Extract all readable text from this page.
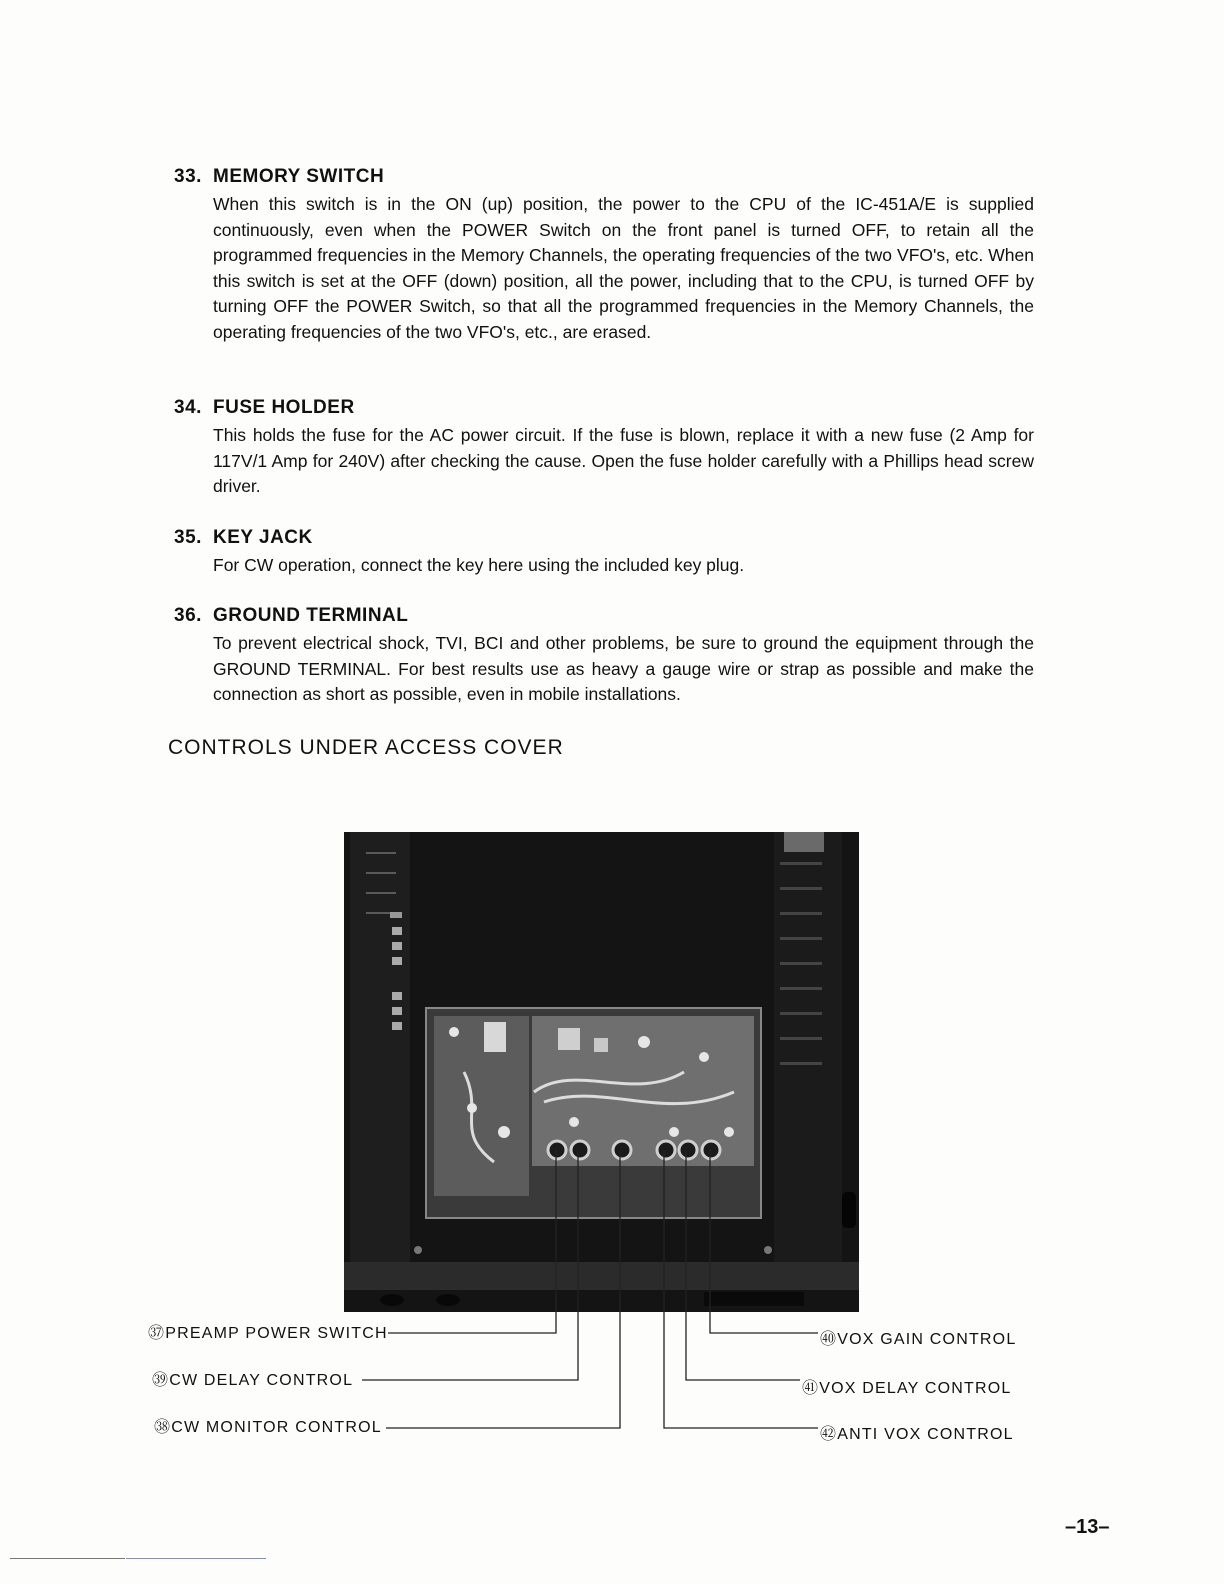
33. MEMORY SWITCH
When this switch is in the ON (up) position, the power to the CPU of the IC-451A/E is supplied continuously, even when the POWER Switch on the front panel is turned OFF, to retain all the programmed frequencies in the Memory Channels, the operating frequencies of the two VFO's, etc. When this switch is set at the OFF (down) position, all the power, including that to the CPU, is turned OFF by turning OFF the POWER Switch, so that all the programmed frequencies in the Memory Channels, the operating frequencies of the two VFO's, etc., are erased.
34. FUSE HOLDER
This holds the fuse for the AC power circuit. If the fuse is blown, replace it with a new fuse (2 Amp for 117V/1 Amp for 240V) after checking the cause. Open the fuse holder carefully with a Phillips head screw driver.
35. KEY JACK
For CW operation, connect the key here using the included key plug.
36. GROUND TERMINAL
To prevent electrical shock, TVI, BCI and other problems, be sure to ground the equipment through the GROUND TERMINAL. For best results use as heavy a gauge wire or strap as possible and make the connection as short as possible, even in mobile installations.
CONTROLS UNDER ACCESS COVER
㊲PREAMP POWER SWITCH
㊴CW DELAY CONTROL
㊳CW MONITOR CONTROL
㊵VOX GAIN CONTROL
㊶VOX DELAY CONTROL
㊷ANTI VOX CONTROL
–13–
